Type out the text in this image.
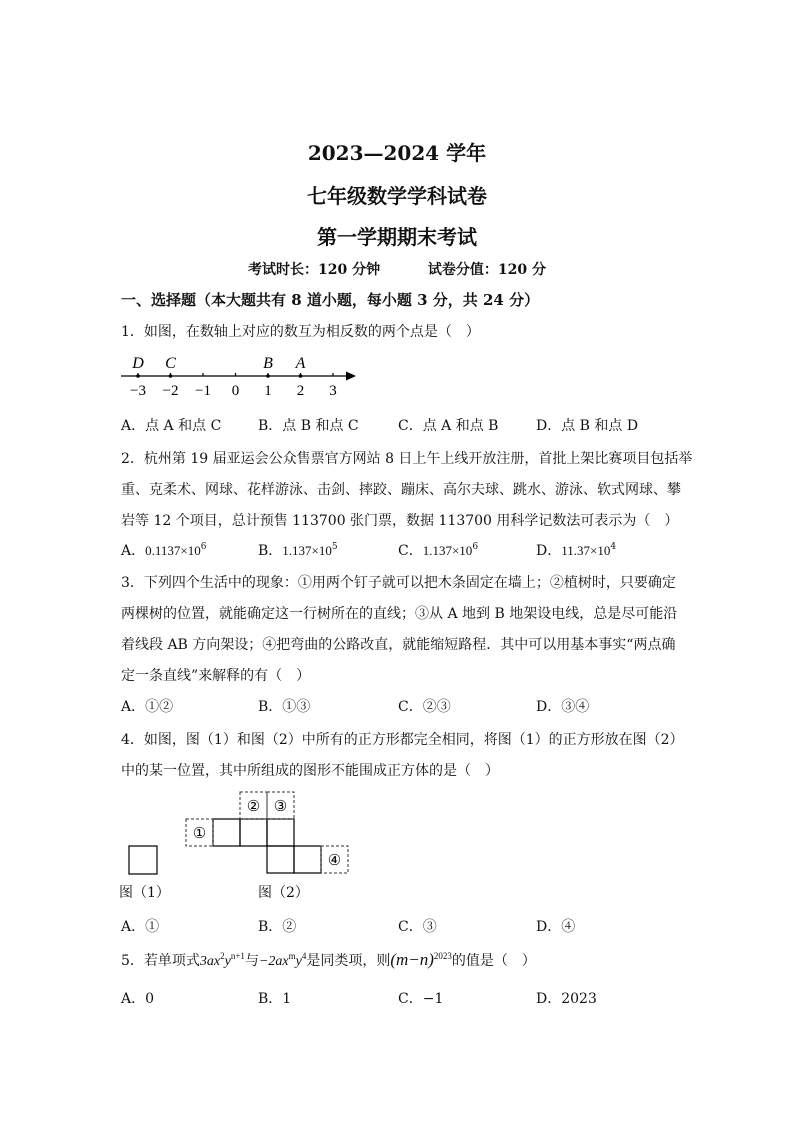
2023—2024 学年
七年级数学学科试卷
第一学期期末考试
考试时长：120 分钟	试卷分值：120 分
一、选择题（本大题共有 8 道小题，每小题 3 分，共 24 分）
1．如图，在数轴上对应的数互为相反数的两个点是（　）
−3 −2 −1 0 1 2 3
D C	B A
A．点 A 和点 C	B．点 B 和点 C	C．点 A 和点 B	D．点 B 和点 D
2．杭州第 19 届亚运会公众售票官方网站 8 日上午上线开放注册，首批上架比赛项目包括举
重、克柔术、网球、花样游泳、击剑、摔跤、蹦床、高尔夫球、跳水、游泳、软式网球、攀
岩等 12 个项目，总计预售 113700 张门票，数据 113700 用科学记数法可表示为（　）
A．$0.1137\times 10^6$	B．$1.137\times 10^5$	C．$1.137\times 10^6$	D．$11.37\times 10^4$
3．下列四个生活中的现象：①用两个钉子就可以把木条固定在墙上；②植树时，只要确定
两棵树的位置，就能确定这一行树所在的直线；③从 A 地到 B 地架设电线，总是尽可能沿
着线段 AB 方向架设；④把弯曲的公路改直，就能缩短路程．其中可以用基本事实“两点确
定一条直线”来解释的有（　）
A．①②	B．①③	C．②③	D．③④
4．如图，图（1）和图（2）中所有的正方形都完全相同，将图（1）的正方形放在图（2）
中的某一位置，其中所组成的图形不能围成正方体的是（　）
①
② ③
④
图（1）	图（2）
A．①	B．②	C．③	D．④
5．若单项式$3ax^2y^{n+1}$与$-2ax^my^4$是同类项，则$(m-n)^{2023}$的值是（　）
A．0	B．1	C．−1	D．2023
